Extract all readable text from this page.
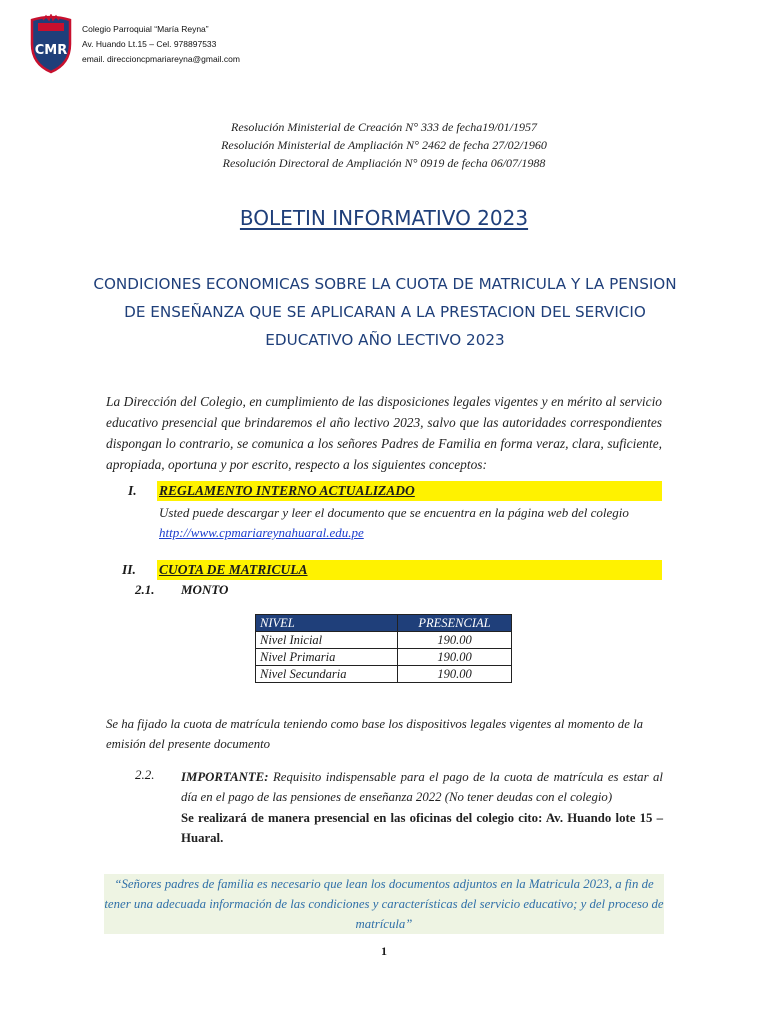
CMR
Colegio Parroquial “María Reyna”
Av. Huando Lt.15 – Cel. 978897533
email. direccioncpmariareyna@gmail.com
Resolución Ministerial de Creación N° 333 de fecha19/01/1957
Resolución Ministerial de Ampliación N° 2462 de fecha 27/02/1960
Resolución Directoral de Ampliación N° 0919 de fecha 06/07/1988
BOLETIN INFORMATIVO 2023
CONDICIONES ECONOMICAS SOBRE LA CUOTA DE MATRICULA Y LA PENSION DE ENSEÑANZA QUE SE APLICARAN A LA PRESTACION DEL SERVICIO EDUCATIVO AÑO LECTIVO 2023
La Dirección del Colegio, en cumplimiento de las disposiciones legales vigentes y en mérito al servicio educativo presencial que brindaremos el año lectivo 2023, salvo que las autoridades correspondientes dispongan lo contrario, se comunica a los señores Padres de Familia en forma veraz, clara, suficiente, apropiada, oportuna y por escrito, respecto a los siguientes conceptos:
I. REGLAMENTO INTERNO ACTUALIZADO
Usted puede descargar y leer el documento que se encuentra en la página web del colegio
http://www.cpmariareynahuaral.edu.pe
II. CUOTA DE MATRICULA
2.1. MONTO
NIVEL	PRESENCIAL
Nivel Inicial	190.00
Nivel Primaria	190.00
Nivel Secundaria	190.00
Se ha fijado la cuota de matrícula teniendo como base los dispositivos legales vigentes al momento de la emisión del presente documento
2.2. IMPORTANTE: Requisito indispensable para el pago de la cuota de matrícula es estar al día en el pago de las pensiones de enseñanza 2022 (No tener deudas con el colegio)
Se realizará de manera presencial en las oficinas del colegio cito: Av. Huando lote 15 – Huaral.
“Señores padres de familia es necesario que lean los documentos adjuntos en la Matricula 2023, a fin de tener una adecuada información de las condiciones y características del servicio educativo; y del proceso de matrícula”
1
